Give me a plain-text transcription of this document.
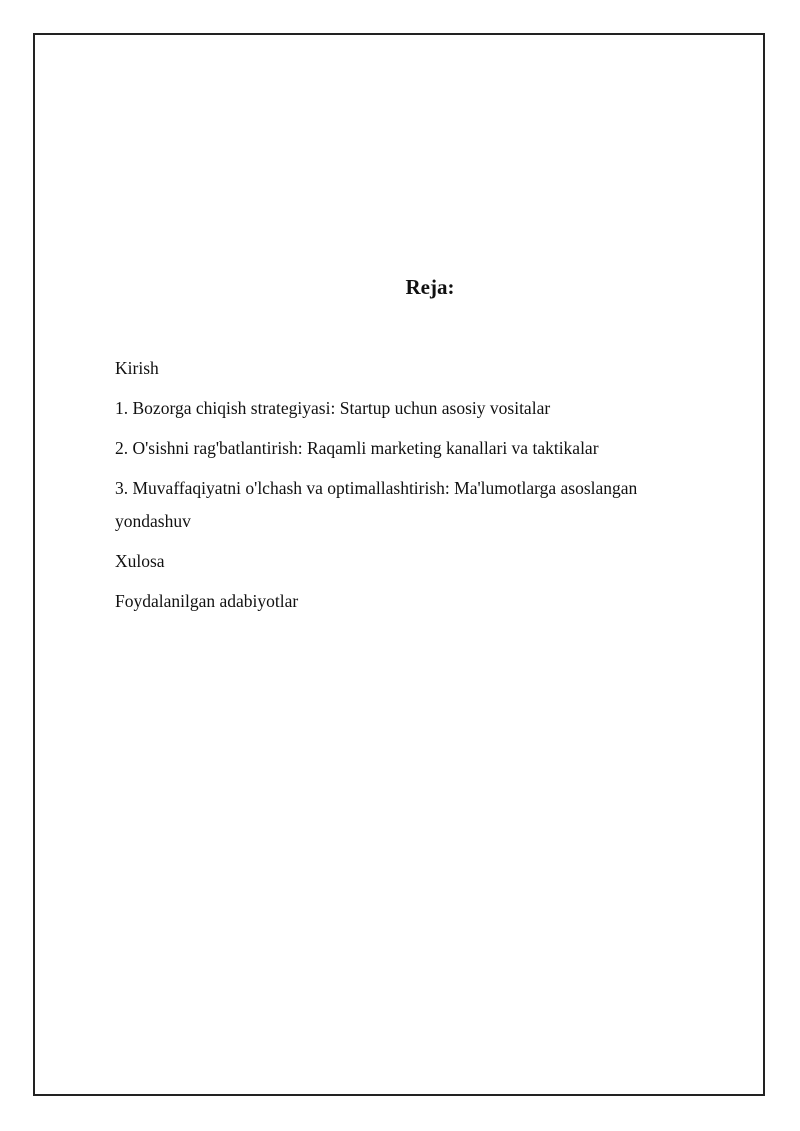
Reja:
Kirish
1. Bozorga chiqish strategiyasi: Startup uchun asosiy vositalar
2. O'sishni rag'batlantirish: Raqamli marketing kanallari va taktikalar
3. Muvaffaqiyatni o'lchash va optimallashtirish: Ma'lumotlarga asoslangan yondashuv
Xulosa
Foydalanilgan adabiyotlar
